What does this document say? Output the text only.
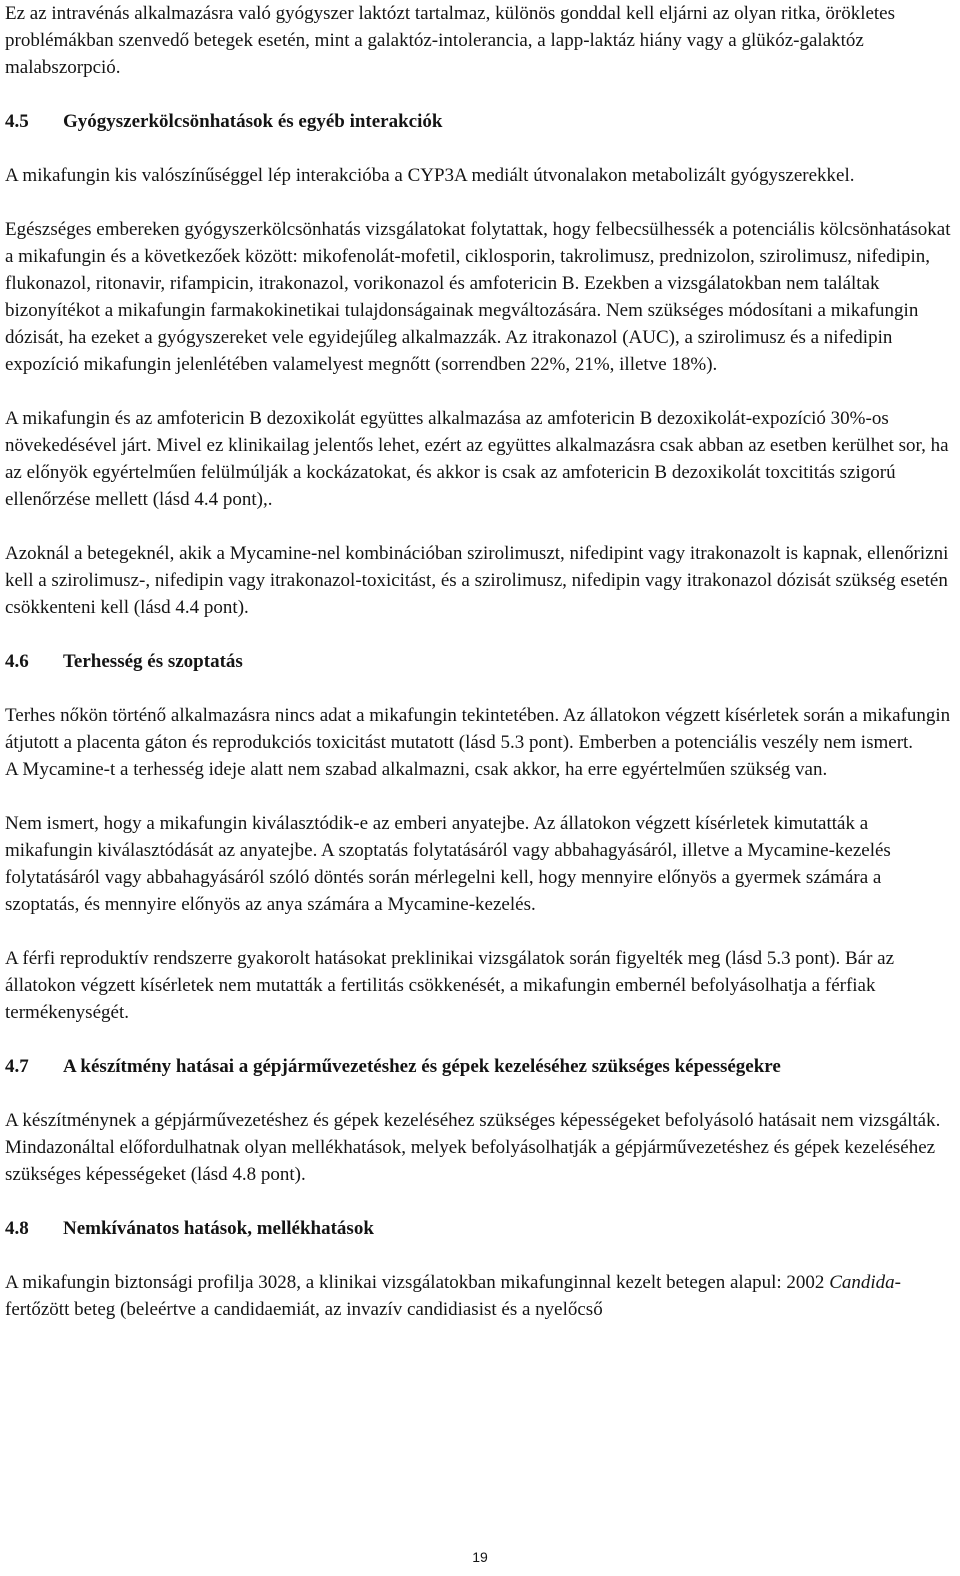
Ez az intravénás alkalmazásra való gyógyszer laktózt tartalmaz, különös gonddal kell eljárni az olyan ritka, örökletes problémákban szenvedő betegek esetén, mint a galaktóz-intolerancia, a lapp-laktáz hiány vagy a glükóz-galaktóz malabszorpció.

4.5	Gyógyszerkölcsönhatások és egyéb interakciók

A mikafungin kis valószínűséggel lép interakcióba a CYP3A mediált útvonalakon metabolizált gyógyszerekkel.

Egészséges embereken gyógyszerkölcsönhatás vizsgálatokat folytattak, hogy felbecsülhessék a potenciális kölcsönhatásokat a mikafungin és a következőek között: mikofenolát-mofetil, ciklosporin, takrolimusz, prednizolon, szirolimusz, nifedipin, flukonazol, ritonavir, rifampicin, itrakonazol, vorikonazol és amfotericin B. Ezekben a vizsgálatokban nem találtak bizonyítékot a mikafungin farmakokinetikai tulajdonságainak megváltozására. Nem szükséges módosítani a mikafungin dózisát, ha ezeket a gyógyszereket vele egyidejűleg alkalmazzák. Az itrakonazol (AUC), a szirolimusz és a nifedipin expozíció mikafungin jelenlétében valamelyest megnőtt (sorrendben 22%, 21%, illetve 18%).

A mikafungin és az amfotericin B dezoxikolát együttes alkalmazása az amfotericin B dezoxikolát-expozíció 30%-os növekedésével járt. Mivel ez klinikailag jelentős lehet, ezért az együttes alkalmazásra csak abban az esetben kerülhet sor, ha az előnyök egyértelműen felülmúlják a kockázatokat, és akkor is csak az amfotericin B dezoxikolát toxcititás szigorú ellenőrzése mellett (lásd 4.4 pont),.

Azoknál a betegeknél, akik a Mycamine-nel kombinációban szirolimuszt, nifedipint vagy itrakonazolt is kapnak, ellenőrizni kell a szirolimusz-, nifedipin vagy itrakonazol-toxicitást, és a szirolimusz, nifedipin vagy itrakonazol dózisát szükség esetén csökkenteni kell (lásd 4.4 pont).

4.6	Terhesség és szoptatás

Terhes nőkön történő alkalmazásra nincs adat a mikafungin tekintetében. Az állatokon végzett kísérletek során a mikafungin átjutott a placenta gáton és reprodukciós toxicitást mutatott (lásd 5.3 pont). Emberben a potenciális veszély nem ismert.

A Mycamine-t a terhesség ideje alatt nem szabad alkalmazni, csak akkor, ha erre egyértelműen szükség van.

Nem ismert, hogy a mikafungin kiválasztódik-e az emberi anyatejbe. Az állatokon végzett kísérletek kimutatták a mikafungin kiválasztódását az anyatejbe. A szoptatás folytatásáról vagy abbahagyásáról, illetve a Mycamine-kezelés folytatásáról vagy abbahagyásáról szóló döntés során mérlegelni kell, hogy mennyire előnyös a gyermek számára a szoptatás, és mennyire előnyös az anya számára a Mycamine-kezelés.

A férfi reproduktív rendszerre gyakorolt hatásokat preklinikai vizsgálatok során figyelték meg (lásd 5.3 pont). Bár az állatokon végzett kísérletek nem mutatták a fertilitás csökkenését, a mikafungin embernél befolyásolhatja a férfiak termékenységét.

4.7	A készítmény hatásai a gépjárművezetéshez és gépek kezeléséhez szükséges képességekre

A készítménynek a gépjárművezetéshez és gépek kezeléséhez szükséges képességeket befolyásoló hatásait nem vizsgálták. Mindazonáltal előfordulhatnak olyan mellékhatások, melyek befolyásolhatják a gépjárművezetéshez és gépek kezeléséhez szükséges képességeket (lásd 4.8 pont).

4.8	Nemkívánatos hatások, mellékhatások

A mikafungin biztonsági profilja 3028, a klinikai vizsgálatokban mikafunginnal kezelt betegen alapul: 2002 Candida-fertőzött beteg (beleértve a candidaemiát, az invazív candidiasist és a nyelőcső

19
